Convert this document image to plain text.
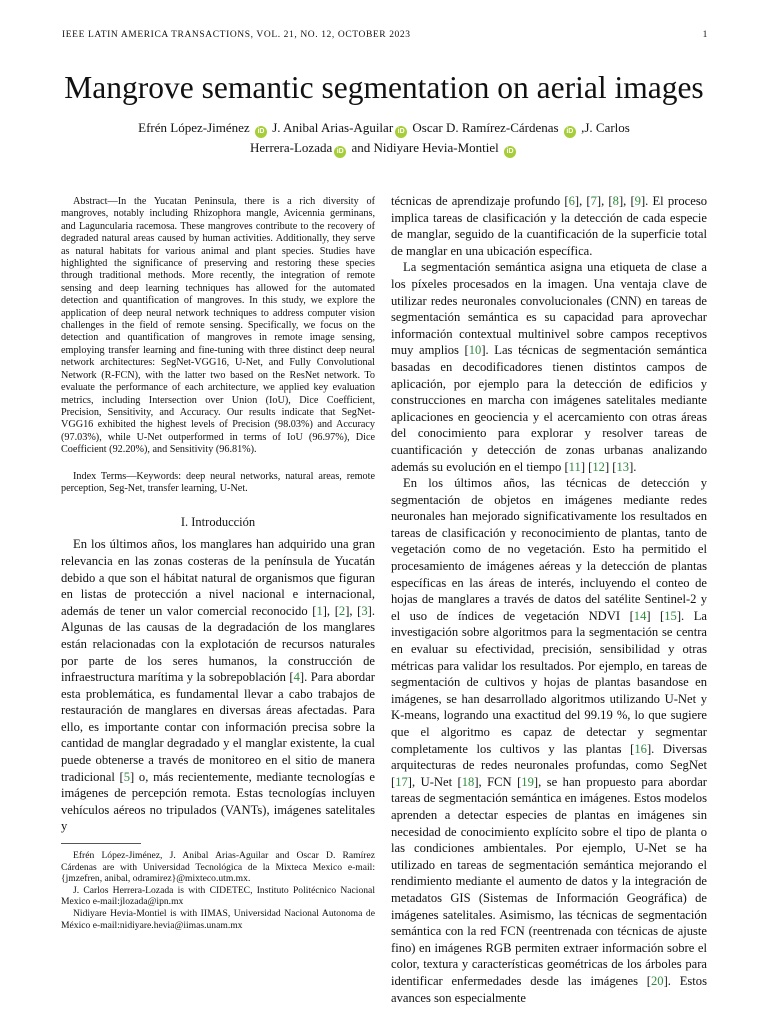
IEEE LATIN AMERICA TRANSACTIONS, VOL. 21, NO. 12, OCTOBER 2023	1
Mangrove semantic segmentation on aerial images
Efrén López-Jiménez iD J. Anibal Arias-Aguilar iD Oscar D. Ramírez-Cárdenas iD ,J. Carlos
Herrera-Lozada iD and Nidiyare Hevia-Montiel iD

Abstract—In the Yucatan Peninsula, there is a rich diversity of mangroves, notably including Rhizophora mangle, Avicennia germinans, and Laguncularia racemosa. These mangroves contribute to the recovery of degraded natural areas caused by human activities. Additionally, they serve as natural habitats for various animal and plant species. Studies have highlighted the significance of preserving and restoring these species through traditional methods. More recently, the integration of remote sensing and deep learning techniques has allowed for the automated detection and quantification of mangroves. In this study, we explore the application of deep neural network techniques to address computer vision challenges in the field of remote sensing. Specifically, we focus on the detection and quantification of mangroves in remote image sensing, employing transfer learning and fine-tuning with three distinct deep neural network architectures: SegNet-VGG16, U-Net, and Fully Convolutional Network (R-FCN), with the latter two based on the ResNet network. To evaluate the performance of each architecture, we applied key evaluation metrics, including Intersection over Union (IoU), Dice Coefficient, Precision, Sensitivity, and Accuracy. Our results indicate that SegNet-VGG16 exhibited the highest levels of Precision (98.03%) and Accuracy (97.03%), while U-Net outperformed in terms of IoU (96.97%), Dice Coefficient (92.20%), and Sensitivity (96.81%).

Index Terms—Keywords: deep neural networks, natural areas, remote perception, Seg-Net, transfer learning, U-Net.

I. Introducción

En los últimos años, los manglares han adquirido una gran relevancia en las zonas costeras de la península de Yucatán debido a que son el hábitat natural de organismos que figuran en listas de protección a nivel nacional e internacional, además de tener un valor comercial reconocido [1], [2], [3]. Algunas de las causas de la degradación de los manglares están relacionadas con la explotación de recursos naturales por parte de los seres humanos, la construcción de infraestructura marítima y la sobrepoblación [4]. Para abordar esta problemática, es fundamental llevar a cabo trabajos de restauración de manglares en diversas áreas afectadas. Para ello, es importante contar con información precisa sobre la cantidad de manglar degradado y el manglar existente, la cual puede obtenerse a través de monitoreo en el sitio de manera tradicional [5] o, más recientemente, mediante tecnologías e imágenes de percepción remota. Estas tecnologías incluyen vehículos aéreos no tripulados (VANTs), imágenes satelitales y

Efrén López-Jiménez, J. Anibal Arias-Aguilar and Oscar D. Ramírez Cárdenas are with Universidad Tecnológica de la Mixteca Mexico e-mail:{jmzefren, anibal, odramirez}@mixteco.utm.mx.

J. Carlos Herrera-Lozada is with CIDETEC, Instituto Politécnico Nacional Mexico e-mail:jlozada@ipn.mx

Nidiyare Hevia-Montiel is with IIMAS, Universidad Nacional Autonoma de México e-mail:nidiyare.hevia@iimas.unam.mx

técnicas de aprendizaje profundo [6], [7], [8], [9]. El proceso implica tareas de clasificación y la detección de cada especie de manglar, seguido de la cuantificación de la superficie total de manglar en una ubicación específica.

La segmentación semántica asigna una etiqueta de clase a los píxeles procesados en la imagen. Una ventaja clave de utilizar redes neuronales convolucionales (CNN) en tareas de segmentación semántica es su capacidad para aprovechar información contextual multinivel sobre campos receptivos muy amplios [10]. Las técnicas de segmentación semántica basadas en decodificadores tienen distintos campos de aplicación, por ejemplo para la detección de edificios y construcciones en marcha con imágenes satelitales mediante aplicaciones en geociencia y el acercamiento con otras áreas del conocimiento para explorar y resolver tareas de cuantificación y detección de zonas urbanas analizando además su evolución en el tiempo [11] [12] [13].

En los últimos años, las técnicas de detección y segmentación de objetos en imágenes mediante redes neuronales han mejorado significativamente los resultados en tareas de clasificación y reconocimiento de plantas, tanto de vegetación como de no vegetación. Esto ha permitido el procesamiento de imágenes aéreas y la detección de plantas específicas en las áreas de interés, incluyendo el conteo de hojas de manglares a través de datos del satélite Sentinel-2 y el uso de índices de vegetación NDVI [14] [15]. La investigación sobre algoritmos para la segmentación se centra en evaluar su efectividad, precisión, sensibilidad y otras métricas para validar los resultados. Por ejemplo, en tareas de segmentación de cultivos y hojas de plantas basandose en imágenes, se han desarrollado algoritmos utilizando U-Net y K-means, logrando una exactitud del 99.19 %, lo que sugiere que el algoritmo es capaz de detectar y segmentar completamente los cultivos y las plantas [16]. Diversas arquitecturas de redes neuronales profundas, como SegNet [17], U-Net [18], FCN [19], se han propuesto para abordar tareas de segmentación semántica en imágenes. Estos modelos aprenden a detectar especies de plantas en imágenes sin necesidad de conocimiento explícito sobre el tipo de planta o las condiciones ambientales. Por ejemplo, U-Net se ha utilizado en tareas de segmentación semántica mejorando el rendimiento mediante el aumento de datos y la integración de metadatos GIS (Sistemas de Información Geográfica) de imágenes satelitales. Asimismo, las técnicas de segmentación semántica con la red FCN (reentrenada con técnicas de ajuste fino) en imágenes RGB permiten extraer información sobre el color, textura y características geométricas de los árboles para identificar enfermedades desde las imágenes [20]. Estos avances son especialmente
